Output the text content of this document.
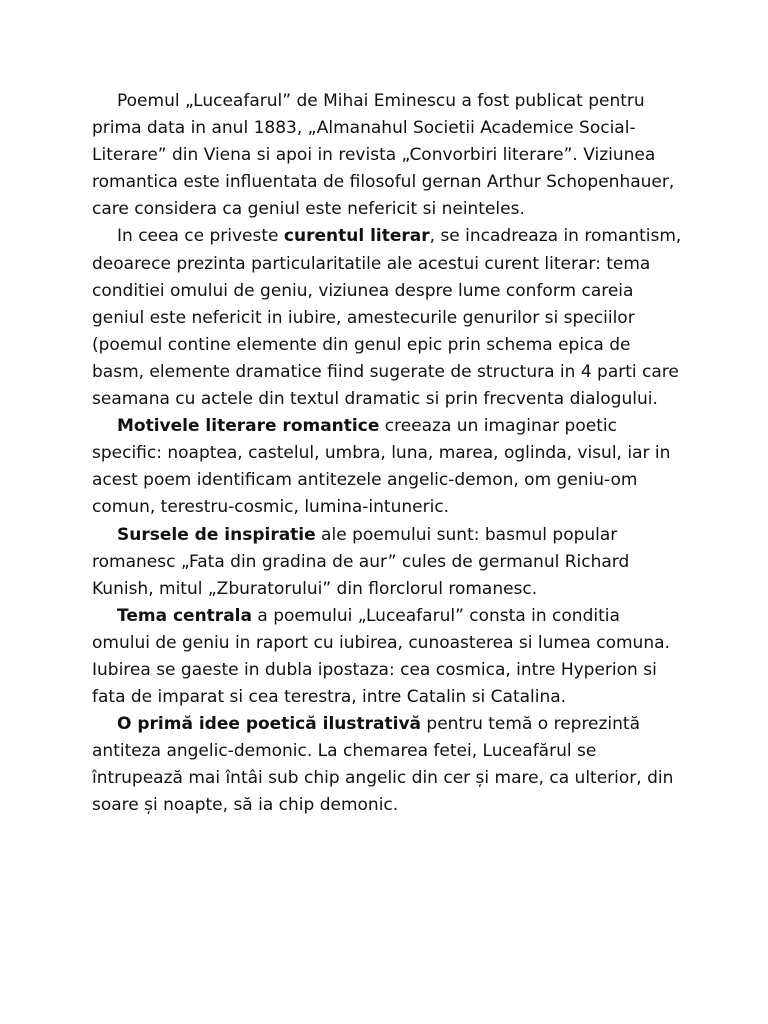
Poemul „Luceafarul” de Mihai Eminescu a fost publicat pentru prima data in anul 1883, „Almanahul Societii Academice Social-Literare” din Viena si apoi in revista „Convorbiri literare”. Viziunea romantica este influentata de filosoful gernan Arthur Schopenhauer, care considera ca geniul este nefericit si neinteles.

In ceea ce priveste curentul literar, se incadreaza in romantism, deoarece prezinta particularitatile ale acestui curent literar: tema conditiei omului de geniu, viziunea despre lume conform careia geniul este nefericit in iubire, amestecurile genurilor si speciilor (poemul contine elemente din genul epic prin schema epica de basm, elemente dramatice fiind sugerate de structura in 4 parti care seamana cu actele din textul dramatic si prin frecventa dialogului.

Motivele literare romantice creeaza un imaginar poetic specific: noaptea, castelul, umbra, luna, marea, oglinda, visul, iar in acest poem identificam antitezele angelic-demon, om geniu-om comun, terestru-cosmic, lumina-intuneric.

Sursele de inspiratie ale poemului sunt: basmul popular romanesc „Fata din gradina de aur” cules de germanul Richard Kunish, mitul „Zburatorului” din florclorul romanesc.

Tema centrala a poemului „Luceafarul” consta in conditia omului de geniu in raport cu iubirea, cunoasterea si lumea comuna. Iubirea se gaeste in dubla ipostaza: cea cosmica, intre Hyperion si fata de imparat si cea terestra, intre Catalin si Catalina.

O primă idee poetică ilustrativă pentru temă o reprezintă antiteza angelic-demonic. La chemarea fetei, Luceafărul se întrupează mai întâi sub chip angelic din cer și mare, ca ulterior, din soare și noapte, să ia chip demonic.
